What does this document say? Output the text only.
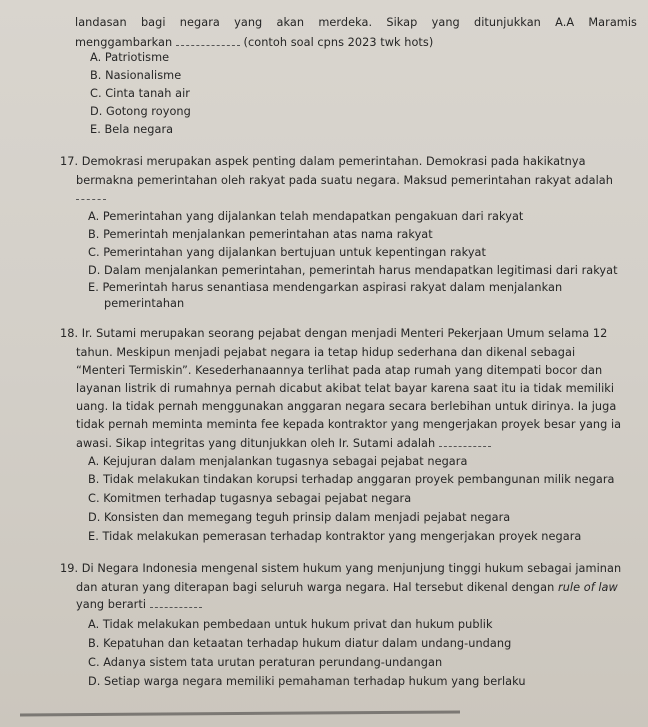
landasan bagi negara yang akan merdeka. Sikap yang ditunjukkan A.A Maramis
menggambarkan	(contoh soal cpns 2023 twk hots)
A. Patriotisme
B. Nasionalisme
C. Cinta tanah air
D. Gotong royong
E. Bela negara
17. Demokrasi merupakan aspek penting dalam pemerintahan. Demokrasi pada hakikatnya
bermakna pemerintahan oleh rakyat pada suatu negara. Maksud pemerintahan rakyat adalah
A. Pemerintahan yang dijalankan telah mendapatkan pengakuan dari rakyat
B. Pemerintah menjalankan pemerintahan atas nama rakyat
C. Pemerintahan yang dijalankan bertujuan untuk kepentingan rakyat
D. Dalam menjalankan pemerintahan, pemerintah harus mendapatkan legitimasi dari rakyat
E. Pemerintah harus senantiasa mendengarkan aspirasi rakyat dalam menjalankan
pemerintahan
18. Ir. Sutami merupakan seorang pejabat dengan menjadi Menteri Pekerjaan Umum selama 12
tahun. Meskipun menjadi pejabat negara ia tetap hidup sederhana dan dikenal sebagai
“Menteri Termiskin”. Kesederhanaannya terlihat pada atap rumah yang ditempati bocor dan
layanan listrik di rumahnya pernah dicabut akibat telat bayar karena saat itu ia tidak memiliki
uang. Ia tidak pernah menggunakan anggaran negara secara berlebihan untuk dirinya. Ia juga
tidak pernah meminta meminta fee kepada kontraktor yang mengerjakan proyek besar yang ia
awasi. Sikap integritas yang ditunjukkan oleh Ir. Sutami adalah
A. Kejujuran dalam menjalankan tugasnya sebagai pejabat negara
B. Tidak melakukan tindakan korupsi terhadap anggaran proyek pembangunan milik negara
C. Komitmen terhadap tugasnya sebagai pejabat negara
D. Konsisten dan memegang teguh prinsip dalam menjadi pejabat negara
E. Tidak melakukan pemerasan terhadap kontraktor yang mengerjakan proyek negara
19. Di Negara Indonesia mengenal sistem hukum yang menjunjung tinggi hukum sebagai jaminan
dan aturan yang diterapan bagi seluruh warga negara. Hal tersebut dikenal dengan rule of law
yang berarti
A. Tidak melakukan pembedaan untuk hukum privat dan hukum publik
B. Kepatuhan dan ketaatan terhadap hukum diatur dalam undang-undang
C. Adanya sistem tata urutan peraturan perundang-undangan
D. Setiap warga negara memiliki pemahaman terhadap hukum yang berlaku
